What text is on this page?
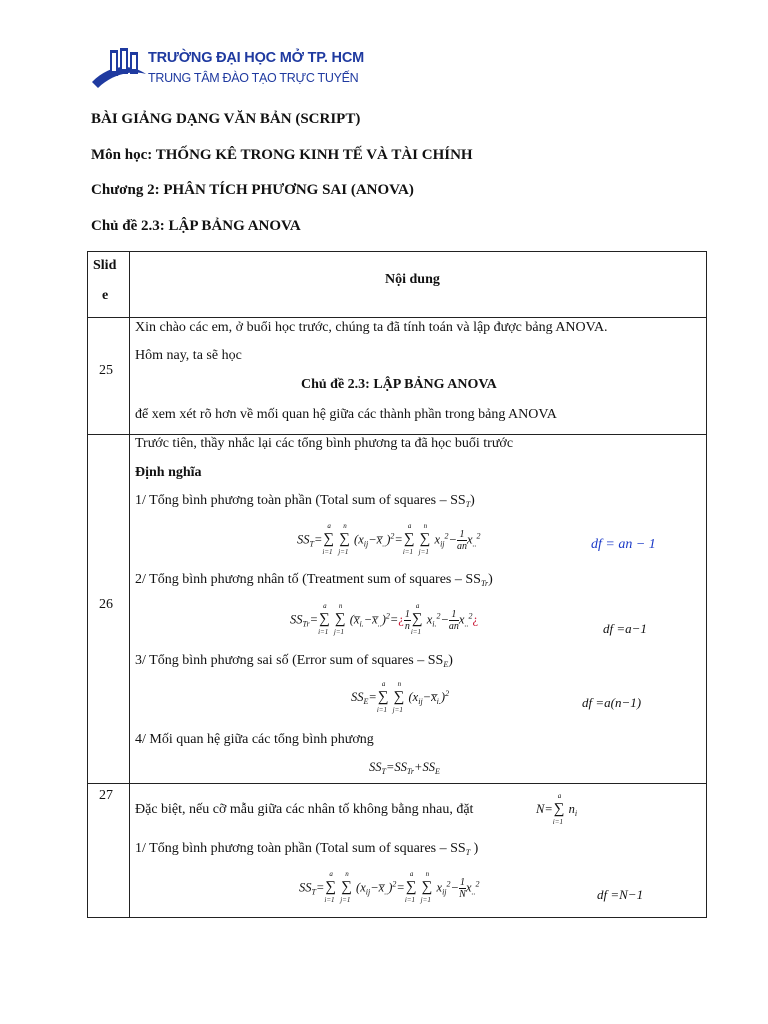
TRƯỜNG ĐẠI HỌC MỞ TP. HCM
TRUNG TÂM ĐÀO TẠO TRỰC TUYẾN
BÀI GIẢNG DẠNG VĂN BẢN (SCRIPT)
Môn học: THỐNG KÊ TRONG KINH TẾ VÀ TÀI CHÍNH
Chương 2: PHÂN TÍCH PHƯƠNG SAI (ANOVA)
Chủ đề 2.3: LẬP BẢNG ANOVA
Slid
e
Nội dung
25
Xin chào các em, ở buổi học trước, chúng ta đã tính toán và lập được bảng ANOVA.
Hôm nay, ta sẽ học
Chủ đề 2.3: LẬP BẢNG ANOVA
để xem xét rõ hơn về mối quan hệ giữa các thành phần trong bảng ANOVA
26
Trước tiên, thầy nhắc lại các tổng bình phương ta đã học buổi trước
Định nghĩa
1/ Tổng bình phương toàn phần (Total sum of squares – $SS_T$)
$SS_T=\sum$
a
i=1
∑
n
j=1
$(x_{ij}-x̅_{..})^2=\sum$
a
i=1
∑
n
j=1
$x_{ij}^2- \frac{1}{an} x_{..}^2$
df = an − 1
2/ Tổng bình phương nhân tố (Treatment sum of squares – $SS_{Tr}$)
$SS_{Tr}=\sum$
a
i=1
∑
n
j=1
$(x̅_{i.}-x̅_{..})^2=¿ \frac{1}{n}$ ∑
a
i=1
$x_{i.}^2- \frac{1}{an}$ $x_{..}^2¿$
df =a−1
3/ Tổng bình phương sai số (Error sum of squares – $SS_E$)
$SS_E=\sum$
a
i=1
∑
n
j=1
$(x_{ij}-x̅_{i.})^2$
df =a(n−1)
4/ Mối quan hệ giữa các tổng bình phương
$SS_T=SS_{Tr}+SS_E$
27
Đặc biệt, nếu cỡ mẫu giữa các nhân tố không bằng nhau, đặt	N=∑
a
i=1
$n_i$
1/ Tổng bình phương toàn phần (Total sum of squares – $SS_T$ )
$SS_T=\sum$
a
i=1
∑
n
j=1
$(x_{ij}-x̅_{..})^2=\sum$
a
i=1
∑
n
j=1
$x_{ij}^2- \frac{1}{N} x_{..}^2$
df =N−1
